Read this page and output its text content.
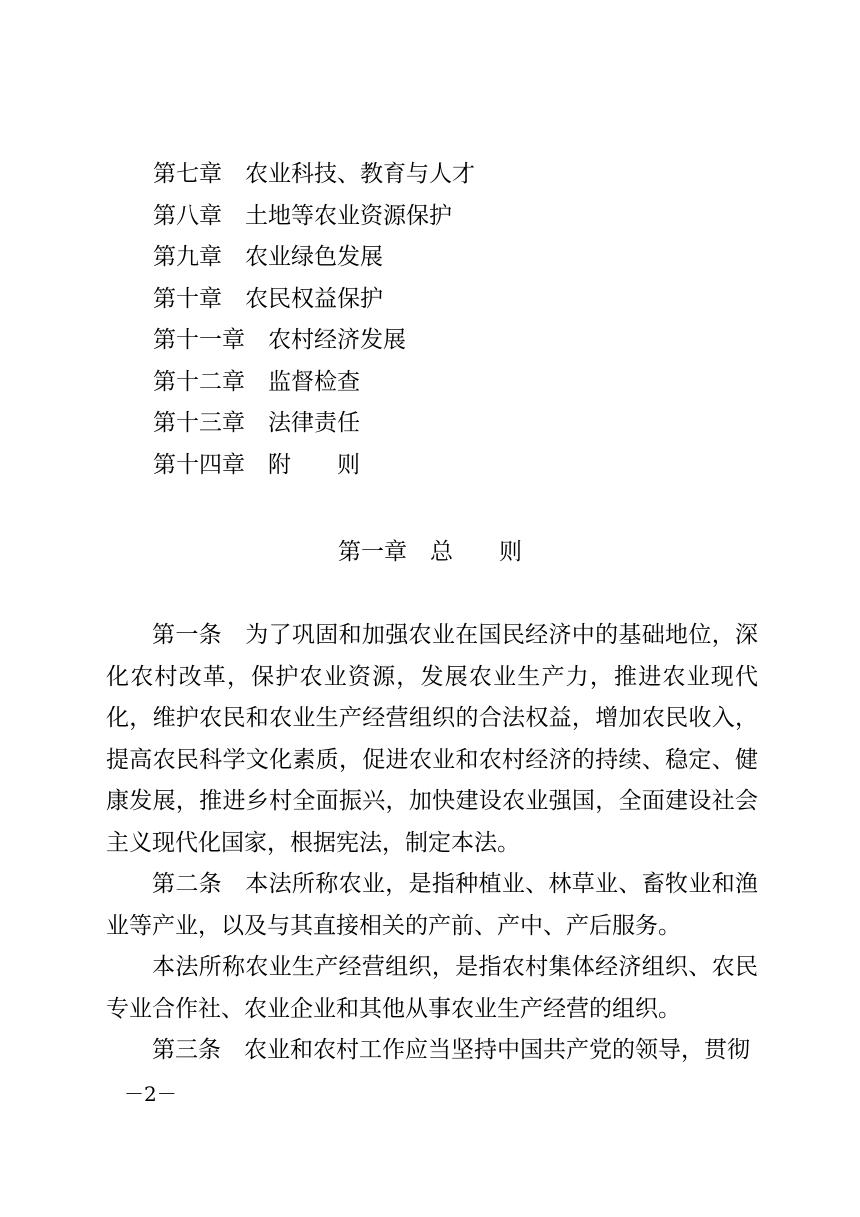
第七章　 农业科技、教育与人才
第八章　 土地等农业资源保护
第九章　 农业绿色发展
第十章　 农民权益保护
第十一章　 农村经济发展
第十二章　 监督检查
第十三章　 法律责任
第十四章　 附　　则
第一章　 总　　则

第一条　 为了巩固和加强农业在国民经济中的基础地位，深化农村改革，保护农业资源，发展农业生产力，推进农业现代化，维护农民和农业生产经营组织的合法权益，增加农民收入，提高农民科学文化素质，促进农业和农村经济的持续、稳定、健康发展，推进乡村全面振兴，加快建设农业强国，全面建设社会主义现代化国家，根据宪法，制定本法。

第二条　 本法所称农业，是指种植业、林草业、畜牧业和渔业等产业，以及与其直接相关的产前、产中、产后服务。

本法所称农业生产经营组织，是指农村集体经济组织、农民专业合作社、农业企业和其他从事农业生产经营的组织。

第三条　 农业和农村工作应当坚持中国共产党的领导，贯彻

－2－
